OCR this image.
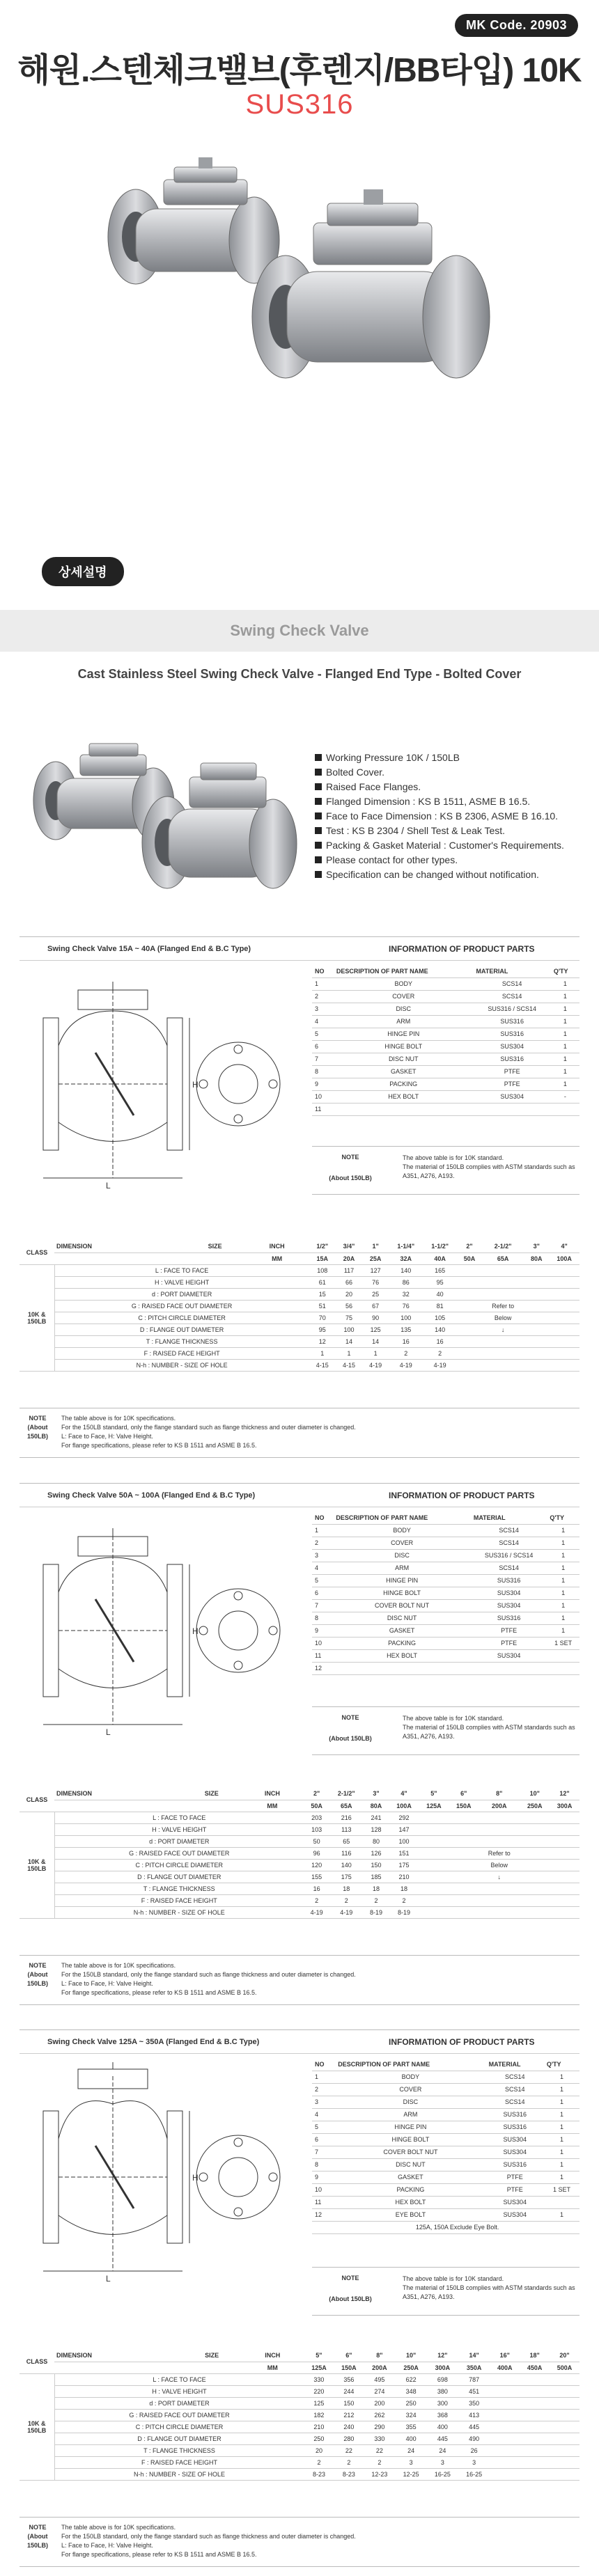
MK Code. 20903
해원.스텐체크밸브(후렌지/BB타입) 10K
SUS316
상세설명
Swing Check Valve
Cast Stainless Steel Swing Check Valve - Flanged End Type - Bolted Cover
Working Pressure 10K / 150LB
Bolted Cover.
Raised Face Flanges.
Flanged Dimension : KS B 1511, ASME B 16.5.
Face to Face Dimension : KS B 2306, ASME B 16.10.
Test : KS B 2304 / Shell Test & Leak Test.
Packing & Gasket Material : Customer's Requirements.
Please contact for other types.
Specification can be changed without notification.
Swing Check Valve 15A ~ 40A (Flanged End & B.C Type)	INFORMATION OF PRODUCT PARTS
L
H
NO	DESCRIPTION OF PART NAME	MATERIAL	Q'TY
1	BODY	SCS14	1
2	COVER	SCS14	1
3	DISC	SUS316 / SCS14	1
4	ARM	SUS316	1
5	HINGE PIN	SUS316	1
6	HINGE BOLT	SUS304	1
7	DISC NUT	SUS316	1
8	GASKET	PTFE	1
9	PACKING	PTFE	1
10	HEX BOLT	SUS304	-
11			
NOTE
(About 150LB)
The above table is for 10K standard.
The material of 150LB complies with ASTM standards such as A351, A276, A193.
CLASS	DIMENSION	SIZE	INCH	1/2"	3/4"	1"	1-1/4"	1-1/2"	2"	2-1/2"	3"	4"
			MM	15A	20A	25A	32A	40A	50A	65A	80A	100A
10K & 150LB	L : FACE TO FACE			108	117	127	140	165				
	H : VALVE HEIGHT			61	66	76	86	95				
	d : PORT DIAMETER			15	20	25	32	40				
	G : RAISED FACE OUT DIAMETER			51	56	67	76	81		Refer to		
	C : PITCH CIRCLE DIAMETER			70	75	90	100	105		Below		
	D : FLANGE OUT DIAMETER			95	100	125	135	140		↓		
	T : FLANGE THICKNESS			12	14	14	16	16				
	F : RAISED FACE HEIGHT			1	1	1	2	2				
	N-h : NUMBER - SIZE OF HOLE			4-15	4-15	4-19	4-19	4-19				
NOTE
(About 150LB)
The table above is for 10K specifications.
For the 150LB standard, only the flange standard such as flange thickness and outer diameter is changed.
L: Face to Face, H: Valve Height.
For flange specifications, please refer to KS B 1511 and ASME B 16.5.
Swing Check Valve 50A ~ 100A (Flanged End & B.C Type)	INFORMATION OF PRODUCT PARTS
L
H
NO	DESCRIPTION OF PART NAME	MATERIAL	Q'TY
1	BODY	SCS14	1
2	COVER	SCS14	1
3	DISC	SUS316 / SCS14	1
4	ARM	SCS14	1
5	HINGE PIN	SUS316	1
6	HINGE BOLT	SUS304	1
7	COVER BOLT NUT	SUS304	1
8	DISC NUT	SUS316	1
9	GASKET	PTFE	1
10	PACKING	PTFE	1 SET
11	HEX BOLT	SUS304	
12			
NOTE
(About 150LB)
The above table is for 10K standard.
The material of 150LB complies with ASTM standards such as A351, A276, A193.
CLASS	DIMENSION	SIZE	INCH	2"	2-1/2"	3"	4"	5"	6"	8"	10"	12"
			MM	50A	65A	80A	100A	125A	150A	200A	250A	300A
10K & 150LB	L : FACE TO FACE			203	216	241	292					
	H : VALVE HEIGHT			103	113	128	147					
	d : PORT DIAMETER			50	65	80	100					
	G : RAISED FACE OUT DIAMETER			96	116	126	151			Refer to		
	C : PITCH CIRCLE DIAMETER			120	140	150	175			Below		
	D : FLANGE OUT DIAMETER			155	175	185	210			↓		
	T : FLANGE THICKNESS			16	18	18	18					
	F : RAISED FACE HEIGHT			2	2	2	2					
	N-h : NUMBER - SIZE OF HOLE			4-19	4-19	8-19	8-19					
NOTE
(About 150LB)
The table above is for 10K specifications.
For the 150LB standard, only the flange standard such as flange thickness and outer diameter is changed.
L: Face to Face, H: Valve Height.
For flange specifications, please refer to KS B 1511 and ASME B 16.5.
Swing Check Valve 125A ~ 350A (Flanged End & B.C Type)	INFORMATION OF PRODUCT PARTS
L
H
NO	DESCRIPTION OF PART NAME	MATERIAL	Q'TY
1	BODY	SCS14	1
2	COVER	SCS14	1
3	DISC	SCS14	1
4	ARM	SUS316	1
5	HINGE PIN	SUS316	1
6	HINGE BOLT	SUS304	1
7	COVER BOLT NUT	SUS304	1
8	DISC NUT	SUS316	1
9	GASKET	PTFE	1
10	PACKING	PTFE	1 SET
11	HEX BOLT	SUS304	
12	EYE BOLT	SUS304	1
	125A, 150A Exclude Eye Bolt.		
NOTE
(About 150LB)
The above table is for 10K standard.
The material of 150LB complies with ASTM standards such as A351, A276, A193.
CLASS	DIMENSION	SIZE	INCH	5"	6"	8"	10"	12"	14"	16"	18"	20"
			MM	125A	150A	200A	250A	300A	350A	400A	450A	500A
10K & 150LB	L : FACE TO FACE			330	356	495	622	698	787			
	H : VALVE HEIGHT			220	244	274	348	380	451			
	d : PORT DIAMETER			125	150	200	250	300	350			
	G : RAISED FACE OUT DIAMETER			182	212	262	324	368	413			
	C : PITCH CIRCLE DIAMETER			210	240	290	355	400	445			
	D : FLANGE OUT DIAMETER			250	280	330	400	445	490			
	T : FLANGE THICKNESS			20	22	22	24	24	26			
	F : RAISED FACE HEIGHT			2	2	2	3	3	3			
	N-h : NUMBER - SIZE OF HOLE			8-23	8-23	12-23	12-25	16-25	16-25			
NOTE
(About 150LB)
The table above is for 10K specifications.
For the 150LB standard, only the flange standard such as flange thickness and outer diameter is changed.
L: Face to Face, H: Valve Height.
For flange specifications, please refer to KS B 1511 and ASME B 16.5.
